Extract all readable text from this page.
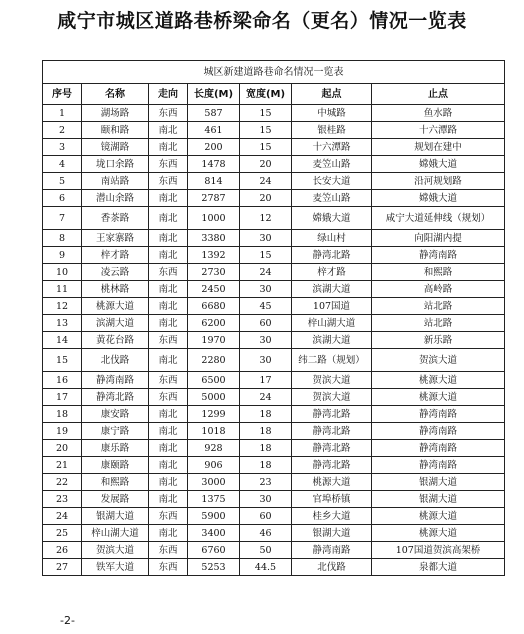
咸宁市城区道路巷桥梁命名（更名）情况一览表
城区新建道路巷命名情况一览表						
序号	名称	走向	长度(M)	宽度(M)	起点	止点
1	湖场路	东西	587	15	中城路	鱼水路
2	颐和路	南北	461	15	银桂路	十六潭路
3	镜湖路	南北	200	15	十六潭路	规划在建中
4	垅口余路	东西	1478	20	麦笠山路	嫦娥大道
5	南站路	东西	814	24	长安大道	沿河规划路
6	潜山余路	南北	2787	20	麦笠山路	嫦娥大道
7	香茶路	南北	1000	12	嫦娥大道	咸宁大道延伸线（规划）
8	王家寨路	南北	3380	30	绿山村	向阳湖内提
9	梓才路	南北	1392	15	静湾北路	静湾南路
10	凌云路	东西	2730	24	梓才路	和熙路
11	桃林路	南北	2450	30	滨湖大道	高岭路
12	桃源大道	南北	6680	45	107国道	站北路
13	滨湖大道	南北	6200	60	梓山湖大道	站北路
14	黄花台路	东西	1970	30	滨湖大道	新乐路
15	北伐路	南北	2280	30	纬二路（规划）	贺滨大道
16	静湾南路	东西	6500	17	贺滨大道	桃源大道
17	静湾北路	东西	5000	24	贺滨大道	桃源大道
18	康安路	南北	1299	18	静湾北路	静湾南路
19	康宁路	南北	1018	18	静湾北路	静湾南路
20	康乐路	南北	928	18	静湾北路	静湾南路
21	康颐路	南北	906	18	静湾北路	静湾南路
22	和熙路	南北	3000	23	桃源大道	银湖大道
23	发展路	南北	1375	30	官埠桥镇	银湖大道
24	银湖大道	东西	5900	60	桂乡大道	桃源大道
25	梓山湖大道	南北	3400	46	银湖大道	桃源大道
26	贺滨大道	东西	6760	50	静湾南路	107国道贺滨高架桥
27	铁军大道	东西	5253	44.5	北伐路	泉都大道
-2-
